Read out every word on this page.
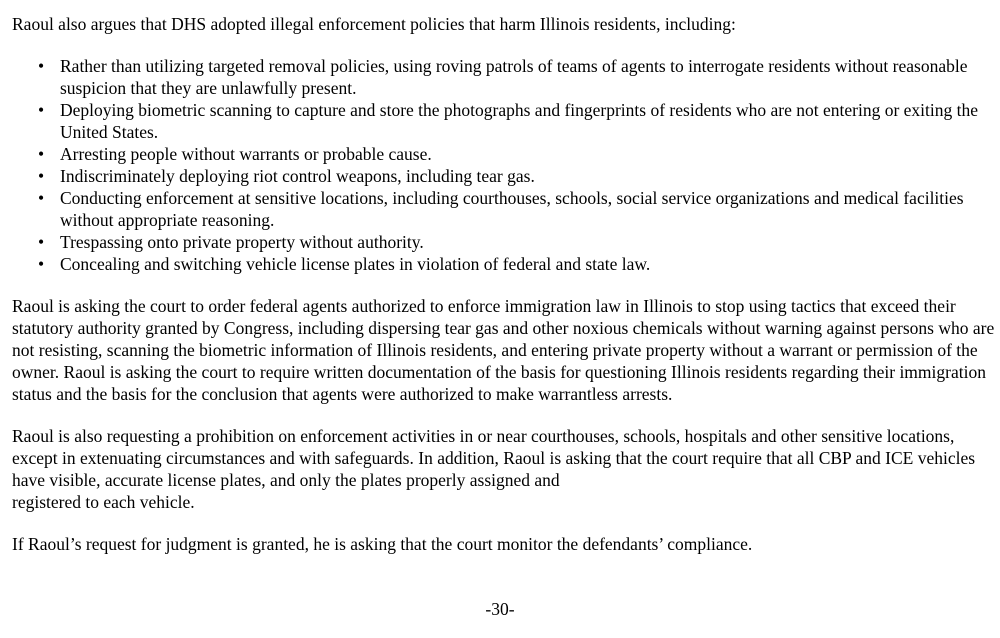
Raoul also argues that DHS adopted illegal enforcement policies that harm Illinois residents, including:

• Rather than utilizing targeted removal policies, using roving patrols of teams of agents to interrogate residents without reasonable suspicion that they are unlawfully present.
• Deploying biometric scanning to capture and store the photographs and fingerprints of residents who are not entering or exiting the United States.
• Arresting people without warrants or probable cause.
• Indiscriminately deploying riot control weapons, including tear gas.
• Conducting enforcement at sensitive locations, including courthouses, schools, social service organizations and medical facilities without appropriate reasoning.
• Trespassing onto private property without authority.
• Concealing and switching vehicle license plates in violation of federal and state law.

Raoul is asking the court to order federal agents authorized to enforce immigration law in Illinois to stop using tactics that exceed their statutory authority granted by Congress, including dispersing tear gas and other noxious chemicals without warning against persons who are not resisting, scanning the biometric information of Illinois residents, and entering private property without a warrant or permission of the owner. Raoul is asking the court to require written documentation of the basis for questioning Illinois residents regarding their immigration status and the basis for the conclusion that agents were authorized to make warrantless arrests.

Raoul is also requesting a prohibition on enforcement activities in or near courthouses, schools, hospitals and other sensitive locations, except in extenuating circumstances and with safeguards. In addition, Raoul is asking that the court require that all CBP and ICE vehicles have visible, accurate license plates, and only the plates properly assigned and
registered to each vehicle.

If Raoul’s request for judgment is granted, he is asking that the court monitor the defendants’ compliance.

-30-
